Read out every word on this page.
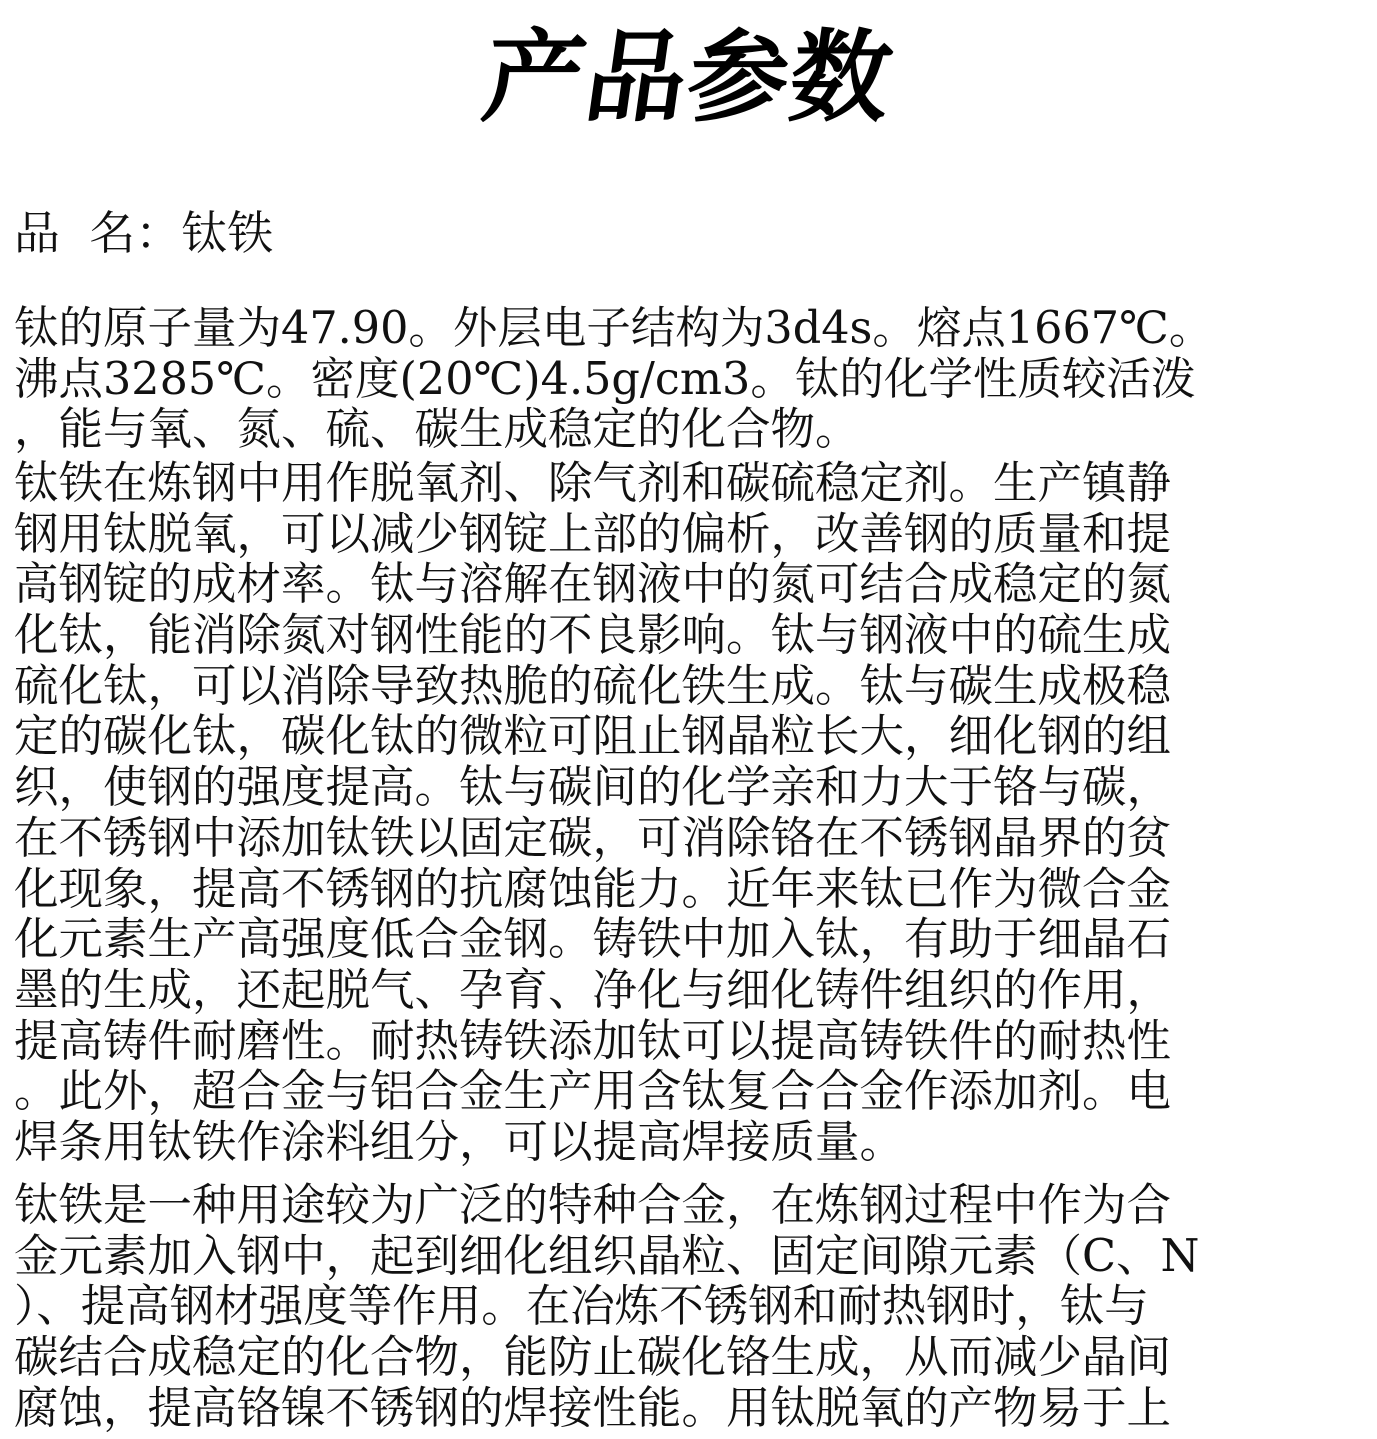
产品参数
品  名：钛铁
钛的原子量为47.90。外层电子结构为3d4s。熔点1667℃。
沸点3285℃。密度(20℃)4.5g/cm3。钛的化学性质较活泼
，能与氧、氮、硫、碳生成稳定的化合物。
钛铁在炼钢中用作脱氧剂、除气剂和碳硫稳定剂。生产镇静
钢用钛脱氧，可以减少钢锭上部的偏析，改善钢的质量和提
高钢锭的成材率。钛与溶解在钢液中的氮可结合成稳定的氮
化钛，能消除氮对钢性能的不良影响。钛与钢液中的硫生成
硫化钛，可以消除导致热脆的硫化铁生成。钛与碳生成极稳
定的碳化钛，碳化钛的微粒可阻止钢晶粒长大，细化钢的组
织，使钢的强度提高。钛与碳间的化学亲和力大于铬与碳，
在不锈钢中添加钛铁以固定碳，可消除铬在不锈钢晶界的贫
化现象，提高不锈钢的抗腐蚀能力。近年来钛已作为微合金
化元素生产高强度低合金钢。铸铁中加入钛，有助于细晶石
墨的生成，还起脱气、孕育、净化与细化铸件组织的作用，
提高铸件耐磨性。耐热铸铁添加钛可以提高铸铁件的耐热性
。此外，超合金与铝合金生产用含钛复合合金作添加剂。电
焊条用钛铁作涂料组分，可以提高焊接质量。
钛铁是一种用途较为广泛的特种合金，在炼钢过程中作为合
金元素加入钢中，起到细化组织晶粒、固定间隙元素（C、N
）、提高钢材强度等作用。在冶炼不锈钢和耐热钢时，钛与
碳结合成稳定的化合物，能防止碳化铬生成，从而减少晶间
腐蚀，提高铬镍不锈钢的焊接性能。用钛脱氧的产物易于上
